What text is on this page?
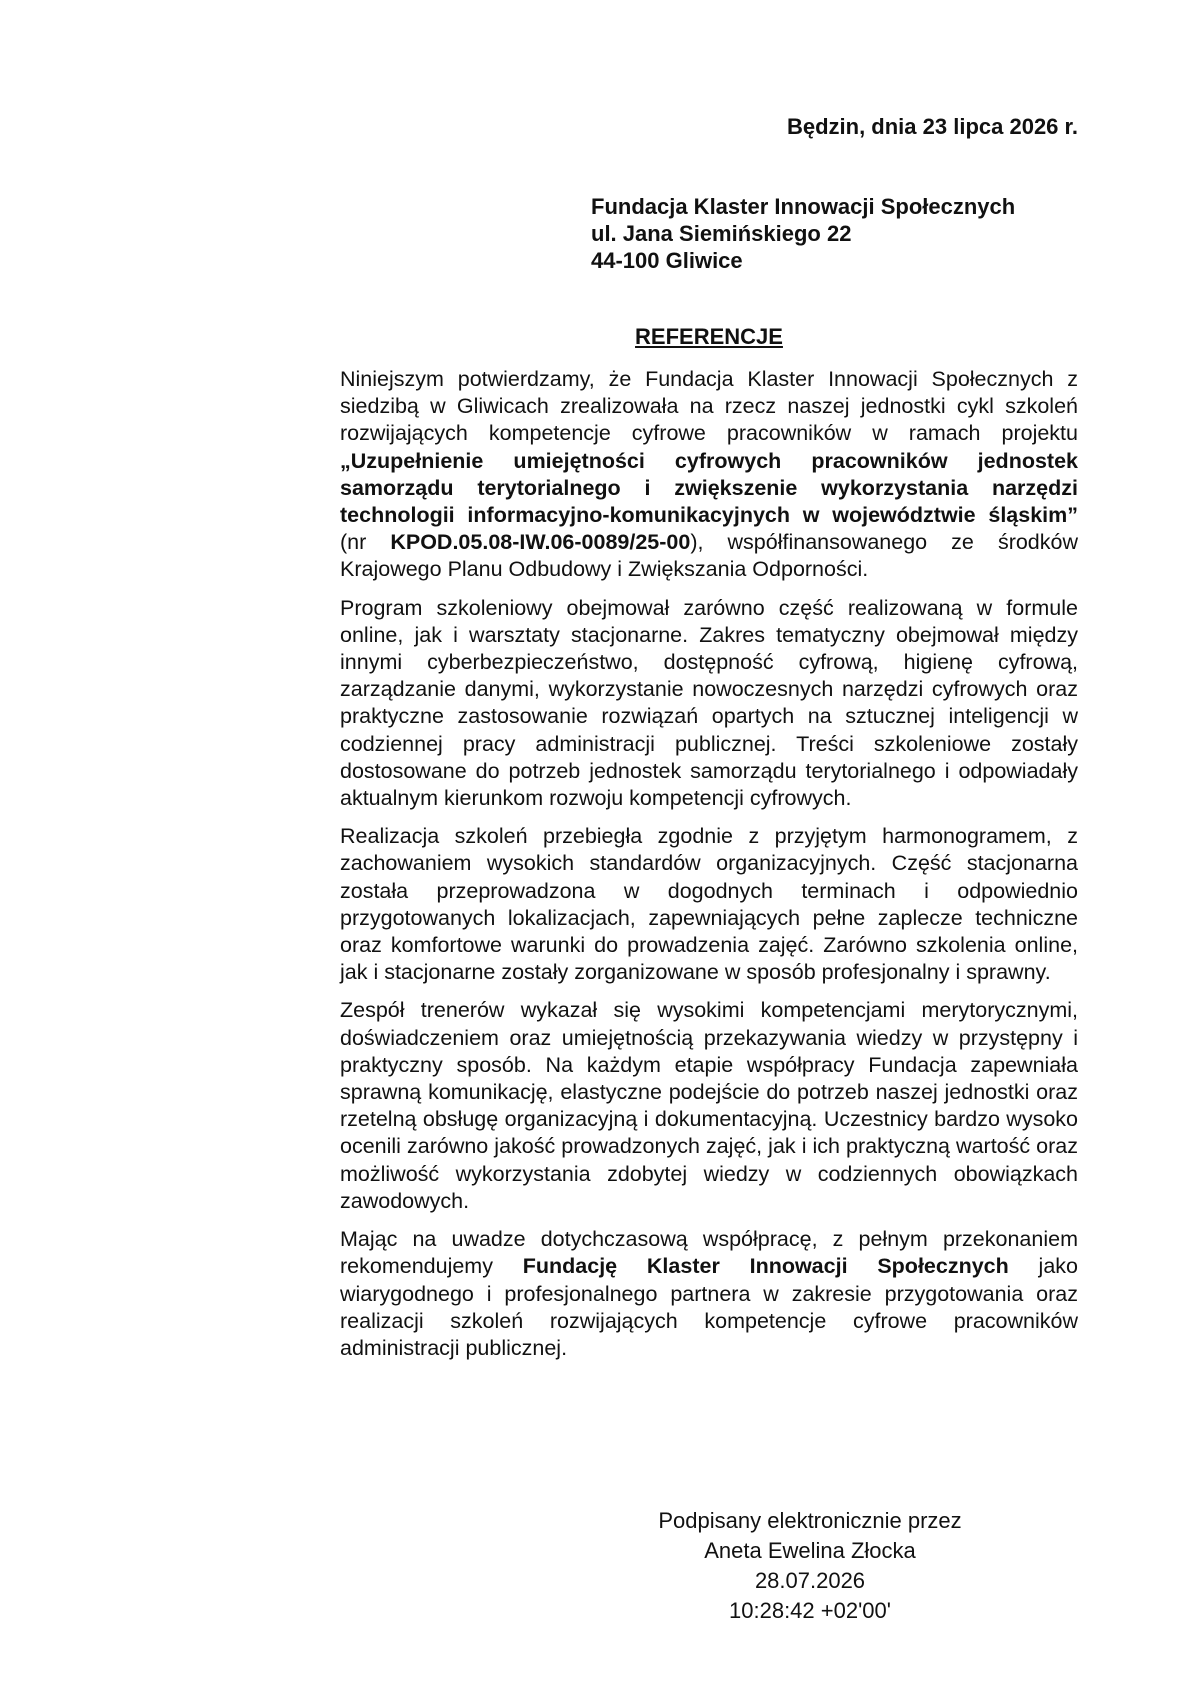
Będzin, dnia 23 lipca 2026 r.
Fundacja Klaster Innowacji Społecznych
ul. Jana Siemińskiego 22
44-100 Gliwice
REFERENCJE

Niniejszym potwierdzamy, że Fundacja Klaster Innowacji Społecznych z siedzibą w Gliwicach zrealizowała na rzecz naszej jednostki cykl szkoleń rozwijających kompetencje cyfrowe pracowników w ramach projektu „Uzupełnienie umiejętności cyfrowych pracowników jednostek samorządu terytorialnego i zwiększenie wykorzystania narzędzi technologii informacyjno-komunikacyjnych w województwie śląskim” (nr KPOD.05.08-IW.06-0089/25-00), współfinansowanego ze środków Krajowego Planu Odbudowy i Zwiększania Odporności.

Program szkoleniowy obejmował zarówno część realizowaną w formule online, jak i warsztaty stacjonarne. Zakres tematyczny obejmował między innymi cyberbezpieczeństwo, dostępność cyfrową, higienę cyfrową, zarządzanie danymi, wykorzystanie nowoczesnych narzędzi cyfrowych oraz praktyczne zastosowanie rozwiązań opartych na sztucznej inteligencji w codziennej pracy administracji publicznej. Treści szkoleniowe zostały dostosowane do potrzeb jednostek samorządu terytorialnego i odpowiadały aktualnym kierunkom rozwoju kompetencji cyfrowych.

Realizacja szkoleń przebiegła zgodnie z przyjętym harmonogramem, z zachowaniem wysokich standardów organizacyjnych. Część stacjonarna została przeprowadzona w dogodnych terminach i odpowiednio przygotowanych lokalizacjach, zapewniających pełne zaplecze techniczne oraz komfortowe warunki do prowadzenia zajęć. Zarówno szkolenia online, jak i stacjonarne zostały zorganizowane w sposób profesjonalny i sprawny.

Zespół trenerów wykazał się wysokimi kompetencjami merytorycznymi, doświadczeniem oraz umiejętnością przekazywania wiedzy w przystępny i praktyczny sposób. Na każdym etapie współpracy Fundacja zapewniała sprawną komunikację, elastyczne podejście do potrzeb naszej jednostki oraz rzetelną obsługę organizacyjną i dokumentacyjną. Uczestnicy bardzo wysoko ocenili zarówno jakość prowadzonych zajęć, jak i ich praktyczną wartość oraz możliwość wykorzystania zdobytej wiedzy w codziennych obowiązkach zawodowych.

Mając na uwadze dotychczasową współpracę, z pełnym przekonaniem rekomendujemy Fundację Klaster Innowacji Społecznych jako wiarygodnego i profesjonalnego partnera w zakresie przygotowania oraz realizacji szkoleń rozwijających kompetencje cyfrowe pracowników administracji publicznej.

Podpisany elektronicznie przez
Aneta Ewelina Złocka
28.07.2026
10:28:42 +02'00'
